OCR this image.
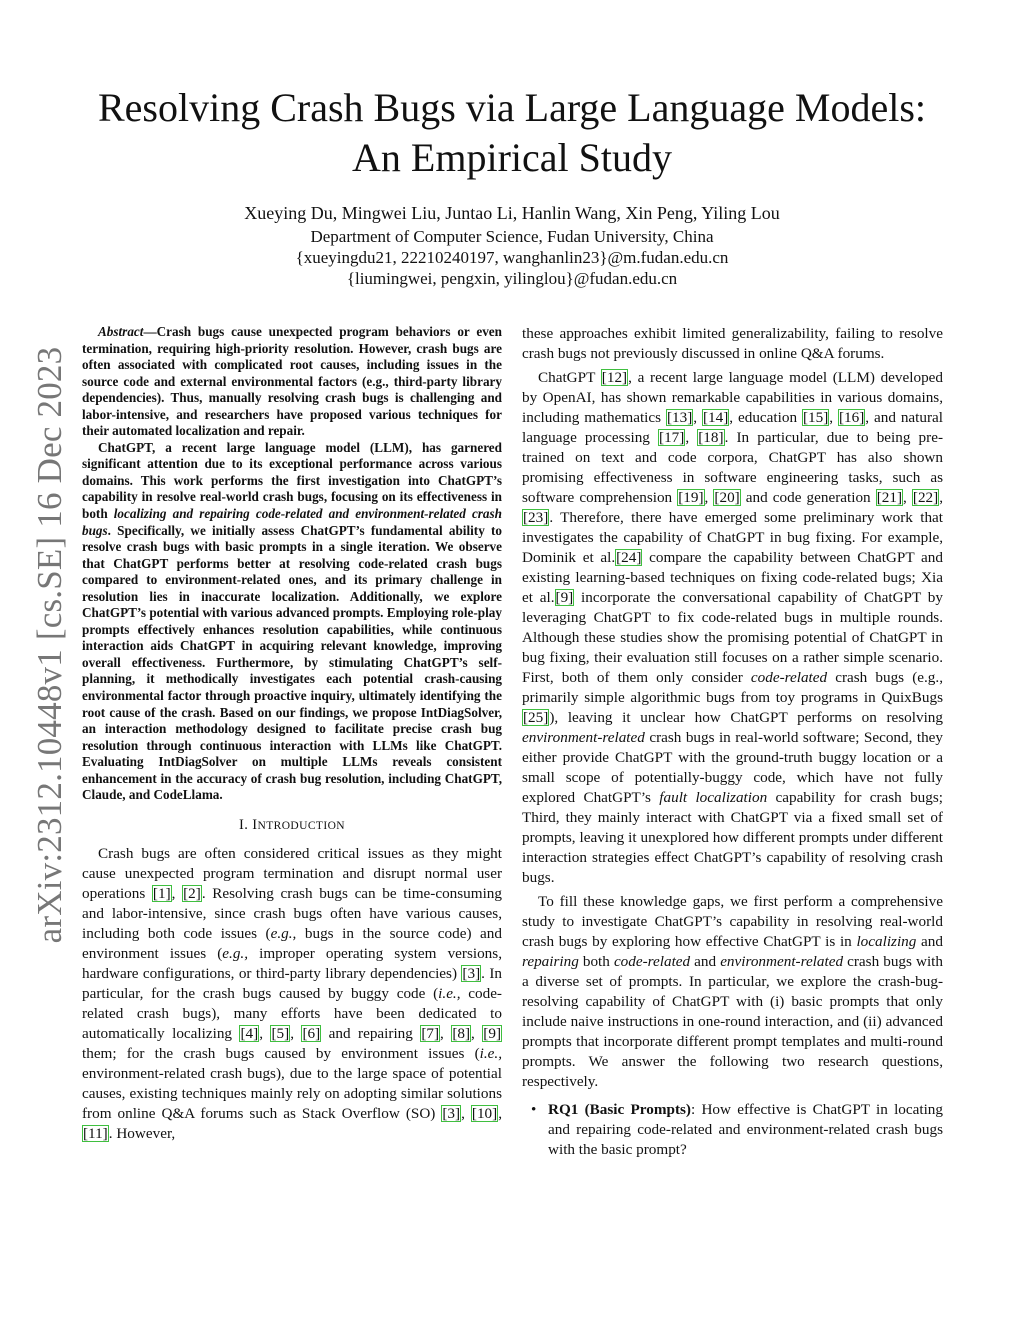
arXiv:2312.10448v1 [cs.SE] 16 Dec 2023
Resolving Crash Bugs via Large Language Models:
An Empirical Study
Xueying Du, Mingwei Liu, Juntao Li, Hanlin Wang, Xin Peng, Yiling Lou
Department of Computer Science, Fudan University, China
{xueyingdu21, 22210240197, wanghanlin23}@m.fudan.edu.cn
{liumingwei, pengxin, yilinglou}@fudan.edu.cn

Abstract—Crash bugs cause unexpected program behaviors or even termination, requiring high-priority resolution. However, crash bugs are often associated with complicated root causes, including issues in the source code and external environmental factors (e.g., third-party library dependencies). Thus, manually resolving crash bugs is challenging and labor-intensive, and researchers have proposed various techniques for their automated localization and repair.

ChatGPT, a recent large language model (LLM), has garnered significant attention due to its exceptional performance across various domains. This work performs the first investigation into ChatGPT’s capability in resolve real-world crash bugs, focusing on its effectiveness in both localizing and repairing code-related and environment-related crash bugs. Specifically, we initially assess ChatGPT’s fundamental ability to resolve crash bugs with basic prompts in a single iteration. We observe that ChatGPT performs better at resolving code-related crash bugs compared to environment-related ones, and its primary challenge in resolution lies in inaccurate localization. Additionally, we explore ChatGPT’s potential with various advanced prompts. Employing role-play prompts effectively enhances resolution capabilities, while continuous interaction aids ChatGPT in acquiring relevant knowledge, improving overall effectiveness. Furthermore, by stimulating ChatGPT’s self-planning, it methodically investigates each potential crash-causing environmental factor through proactive inquiry, ultimately identifying the root cause of the crash. Based on our findings, we propose IntDiagSolver, an interaction methodology designed to facilitate precise crash bug resolution through continuous interaction with LLMs like ChatGPT. Evaluating IntDiagSolver on multiple LLMs reveals consistent enhancement in the accuracy of crash bug resolution, including ChatGPT, Claude, and CodeLlama.

I. INTRODUCTION

Crash bugs are often considered critical issues as they might cause unexpected program termination and disrupt normal user operations [1], [2]. Resolving crash bugs can be time-consuming and labor-intensive, since crash bugs often have various causes, including both code issues (e.g., bugs in the source code) and environment issues (e.g., improper operating system versions, hardware configurations, or third-party library dependencies) [3]. In particular, for the crash bugs caused by buggy code (i.e., code-related crash bugs), many efforts have been dedicated to automatically localizing [4], [5], [6] and repairing [7], [8], [9] them; for the crash bugs caused by environment issues (i.e., environment-related crash bugs), due to the large space of potential causes, existing techniques mainly rely on adopting similar solutions from online Q&A forums such as Stack Overflow (SO) [3], [10], [11]. However,

these approaches exhibit limited generalizability, failing to resolve crash bugs not previously discussed in online Q&A forums.

ChatGPT [12], a recent large language model (LLM) developed by OpenAI, has shown remarkable capabilities in various domains, including mathematics [13], [14], education [15], [16], and natural language processing [17], [18]. In particular, due to being pre-trained on text and code corpora, ChatGPT has also shown promising effectiveness in software engineering tasks, such as software comprehension [19], [20] and code generation [21], [22], [23]. Therefore, there have emerged some preliminary work that investigates the capability of ChatGPT in bug fixing. For example, Dominik et al.[24] compare the capability between ChatGPT and existing learning-based techniques on fixing code-related bugs; Xia et al.[9] incorporate the conversational capability of ChatGPT by leveraging ChatGPT to fix code-related bugs in multiple rounds. Although these studies show the promising potential of ChatGPT in bug fixing, their evaluation still focuses on a rather simple scenario. First, both of them only consider code-related crash bugs (e.g., primarily simple algorithmic bugs from toy programs in QuixBugs [25]), leaving it unclear how ChatGPT performs on resolving environment-related crash bugs in real-world software; Second, they either provide ChatGPT with the ground-truth buggy location or a small scope of potentially-buggy code, which have not fully explored ChatGPT’s fault localization capability for crash bugs; Third, they mainly interact with ChatGPT via a fixed small set of prompts, leaving it unexplored how different prompts under different interaction strategies effect ChatGPT’s capability of resolving crash bugs.

To fill these knowledge gaps, we first perform a comprehensive study to investigate ChatGPT’s capability in resolving real-world crash bugs by exploring how effective ChatGPT is in localizing and repairing both code-related and environment-related crash bugs with a diverse set of prompts. In particular, we explore the crash-bug-resolving capability of ChatGPT with (i) basic prompts that only include naive instructions in one-round interaction, and (ii) advanced prompts that incorporate different prompt templates and multi-round prompts. We answer the following two research questions, respectively.

• RQ1 (Basic Prompts): How effective is ChatGPT in locating and repairing code-related and environment-related crash bugs with the basic prompt?
